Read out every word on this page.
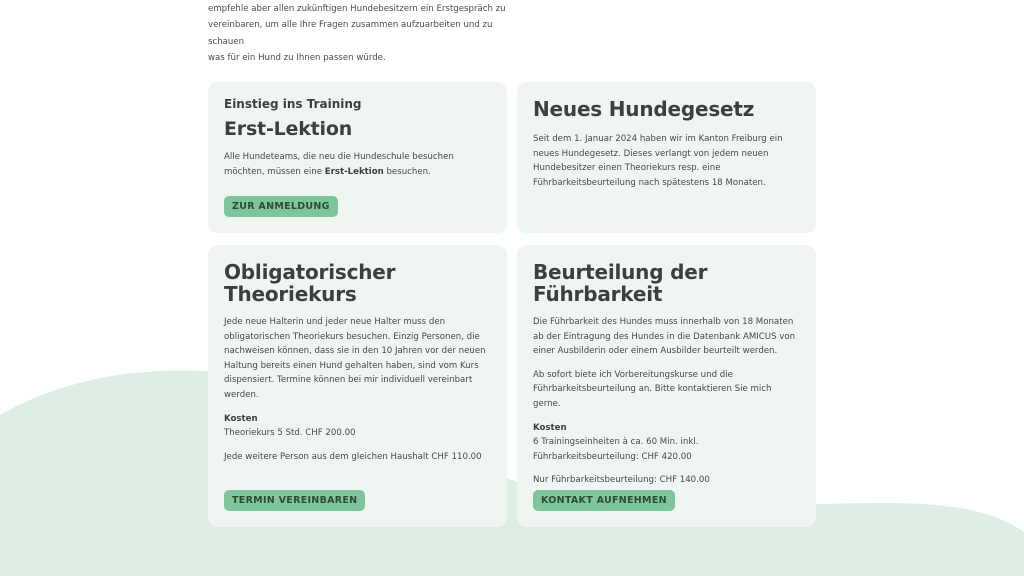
empfehle aber allen zukünftigen Hundebesitzern ein Erstgespräch zu
vereinbaren, um alle Ihre Fragen zusammen aufzuarbeiten und zu schauen
was für ein Hund zu Ihnen passen würde.
Einstieg ins Training
Erst-Lektion

Alle Hundeteams, die neu die Hundeschule besuchen möchten, müssen eine Erst-Lektion besuchen.

ZUR ANMELDUNG
Neues Hundegesetz

Seit dem 1. Januar 2024 haben wir im Kanton Freiburg ein neues Hundegesetz. Dieses verlangt von jedem neuen Hundebesitzer einen Theoriekurs resp. eine Führbarkeitsbeurteilung nach spätestens 18 Monaten.

Obligatorischer
Theoriekurs

Jede neue Halterin und jeder neue Halter muss den obligatorischen Theoriekurs besuchen. Einzig Personen, die nachweisen können, dass sie in den 10 Jahren vor der neuen Haltung bereits einen Hund gehalten haben, sind vom Kurs dispensiert. Termine können bei mir individuell vereinbart werden.

Kosten
Theoriekurs 5 Std. CHF 200.00

Jede weitere Person aus dem gleichen Haushalt CHF 110.00

TERMIN VEREINBAREN
Beurteilung der
Führbarkeit

Die Führbarkeit des Hundes muss innerhalb von 18 Monaten ab der Eintragung des Hundes in die Datenbank AMICUS von einer Ausbilderin oder einem Ausbilder beurteilt werden.

Ab sofort biete ich Vorbereitungskurse und die Führbarkeitsbeurteilung an. Bitte kontaktieren Sie mich gerne.

Kosten
6 Trainingseinheiten à ca. 60 Min. inkl. Führbarkeitsbeurteilung: CHF 420.00

Nur Führbarkeitsbeurteilung: CHF 140.00

KONTAKT AUFNEHMEN
